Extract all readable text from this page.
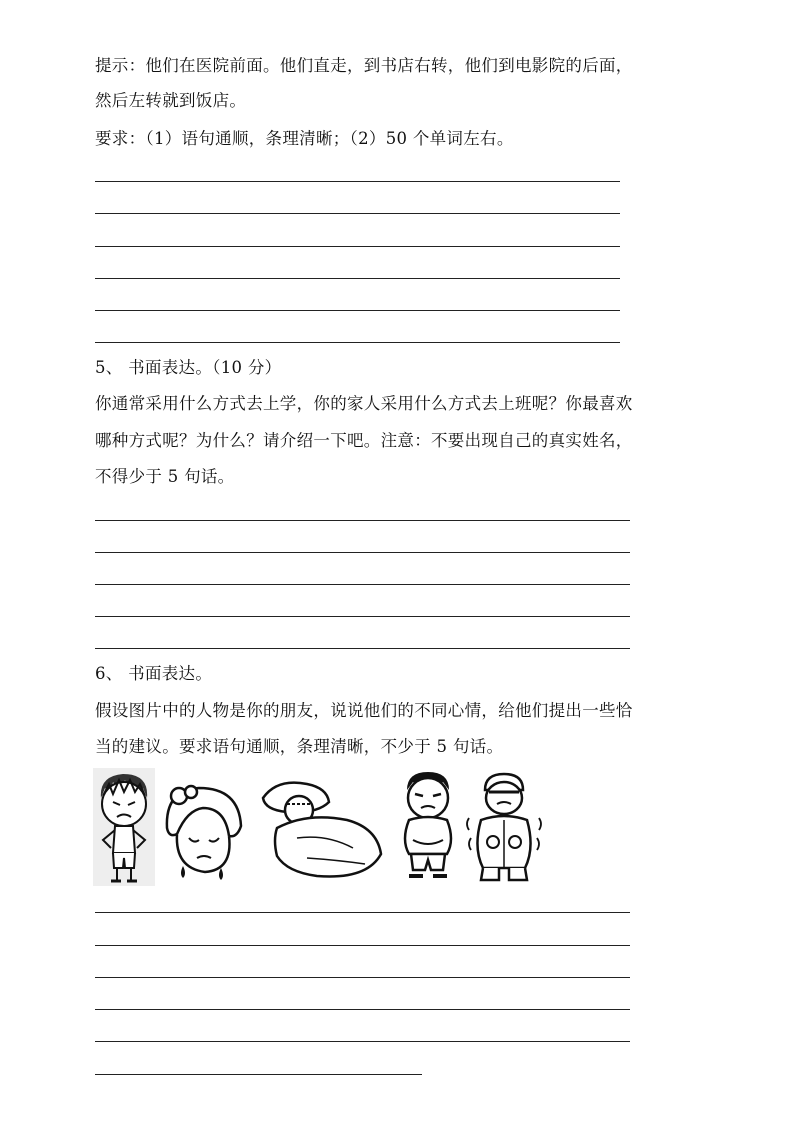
提示：他们在医院前面。他们直走，到书店右转，他们到电影院的后面，
然后左转就到饭店。
要求：（1）语句通顺，条理清晰；（2）50 个单词左右。
5、 书面表达。（10 分）
你通常采用什么方式去上学，你的家人采用什么方式去上班呢？你最喜欢
哪种方式呢？为什么？请介绍一下吧。注意：不要出现自己的真实姓名，
不得少于 5 句话。
6、 书面表达。
假设图片中的人物是你的朋友，说说他们的不同心情，给他们提出一些恰
当的建议。要求语句通顺，条理清晰，不少于 5 句话。
